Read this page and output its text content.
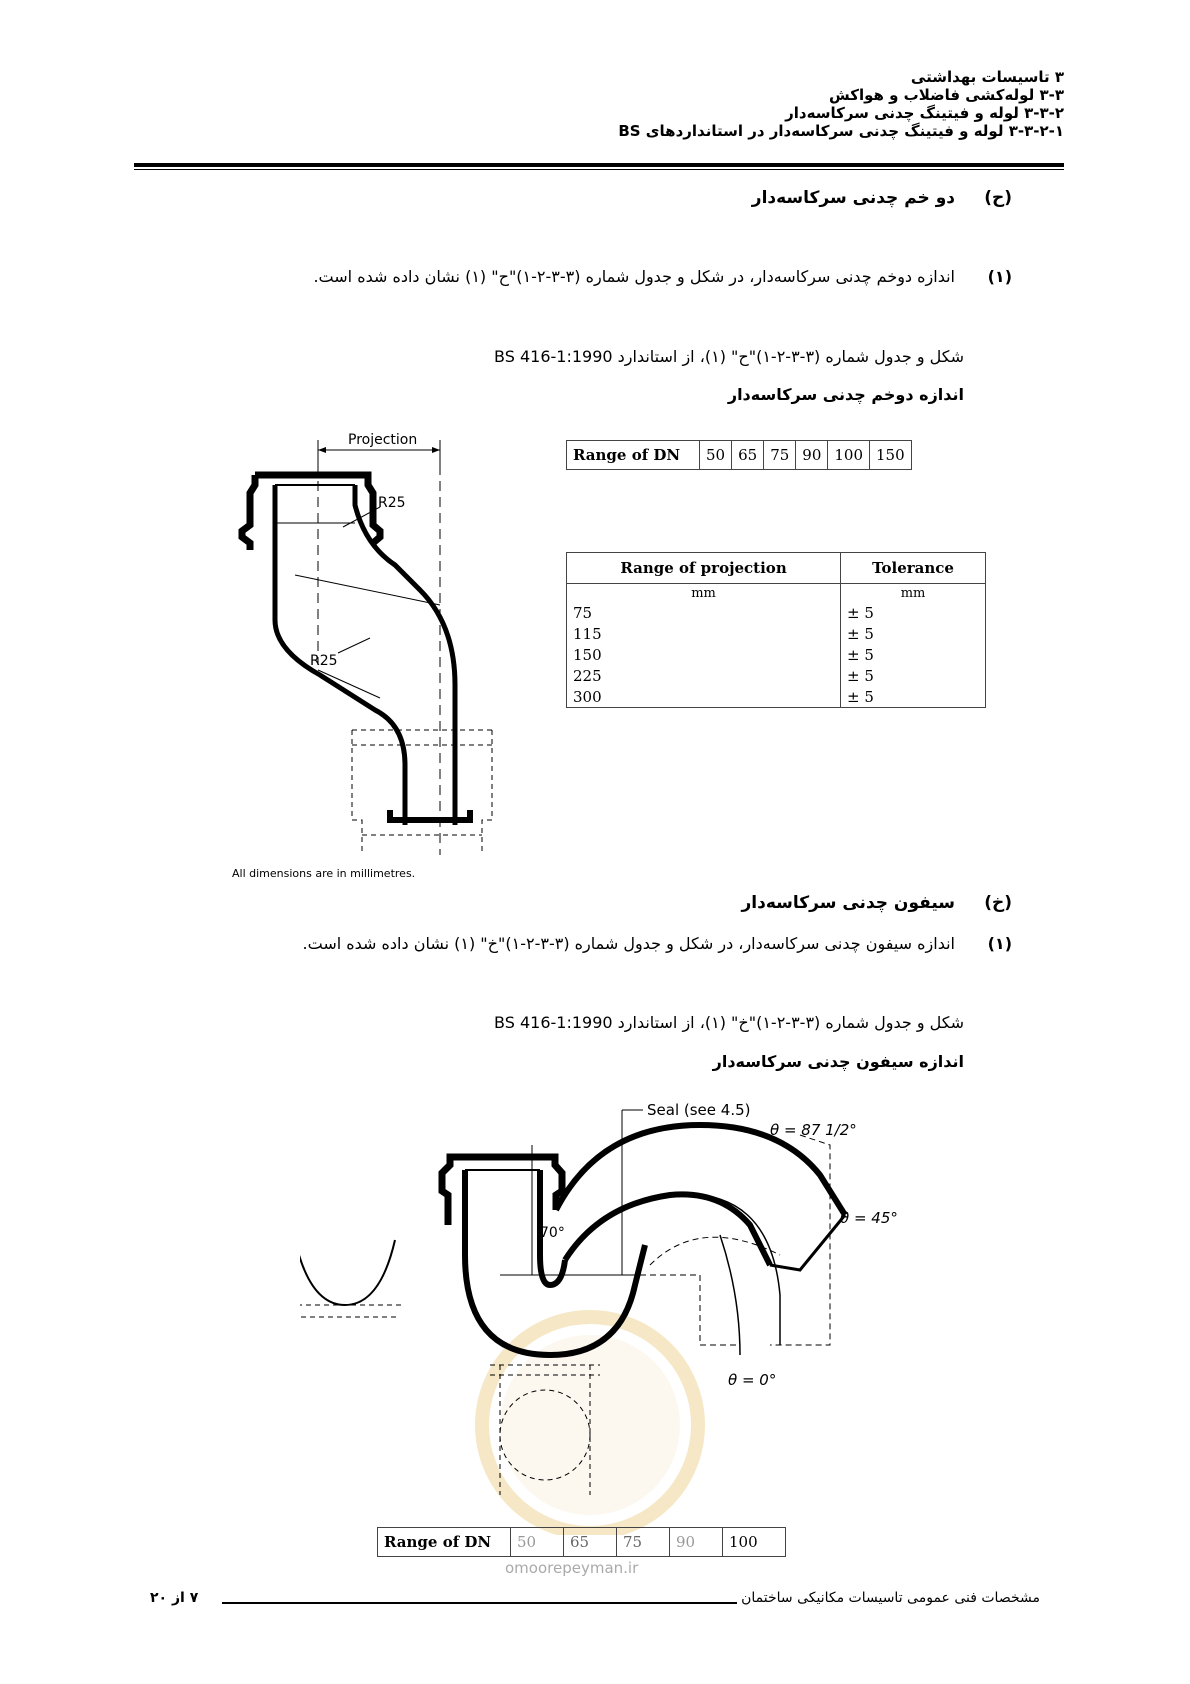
۳ تاسیسات بهداشتی
۳-۳ لوله‌کشی فاضلاب و هواکش
۳-۳-۲ لوله و فیتینگ چدنی سرکاسه‌دار
۳-۳-۲-۱ لوله و فیتینگ چدنی سرکاسه‌دار در استانداردهای BS
(ح)
دو خم چدنی سرکاسه‌دار
(۱)
اندازه دوخم چدنی سرکاسه‌دار، در شکل و جدول شماره (۳-۳-۲-۱)"ح" (۱) نشان داده شده است.
شکل و جدول شماره (۳-۳-۲-۱)"ح" (۱)، از استاندارد BS 416-1:1990
اندازه دوخم چدنی سرکاسه‌دار
Projection
R25
R25
All dimensions are in millimetres.
Range of DN	50	65	75	90	100	150
Range of projection	Tolerance
mm	mm
75	± 5
115	± 5
150	± 5
225	± 5
300	± 5
(خ)
سیفون چدنی سرکاسه‌دار
(۱)
اندازه سیفون چدنی سرکاسه‌دار، در شکل و جدول شماره (۳-۳-۲-۱)"خ" (۱) نشان داده شده است.
شکل و جدول شماره (۳-۳-۲-۱)"خ" (۱)، از استاندارد BS 416-1:1990
اندازه سیفون چدنی سرکاسه‌دار
Seal (see 4.5)
θ = 87 1/2°
θ = 45°
θ = 0°
70°
Range of DN	50	65	75	90	100
omoorepeyman.ir
مشخصات فنی عمومی تاسیسات مکانیکی ساختمان
۷ از ۲۰
